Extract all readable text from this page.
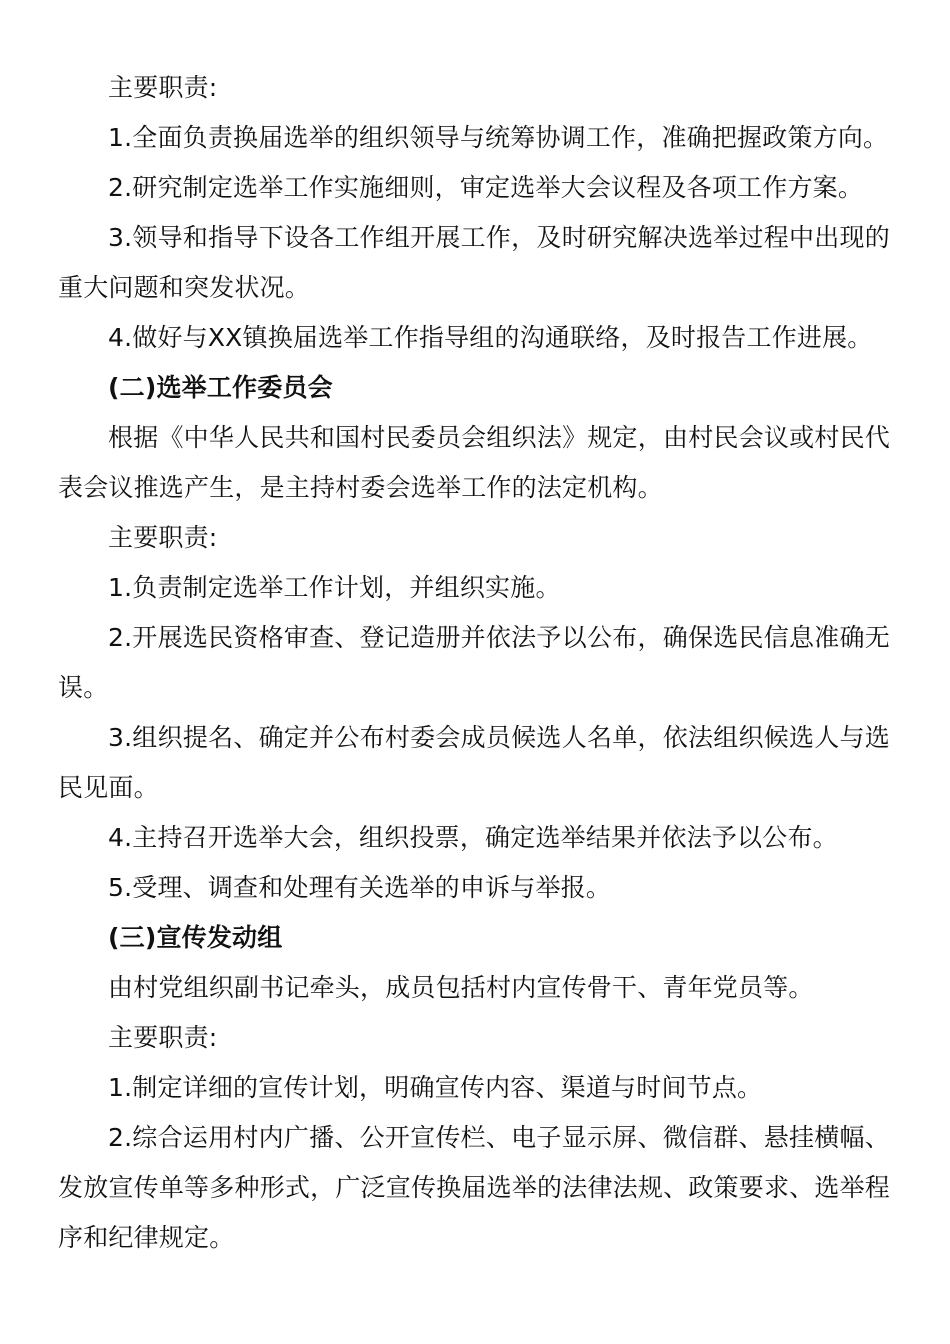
主要职责:

1.全面负责换届选举的组织领导与统筹协调工作，准确把握政策方向。

2.研究制定选举工作实施细则，审定选举大会议程及各项工作方案。

3.领导和指导下设各工作组开展工作，及时研究解决选举过程中出现的重大问题和突发状况。

4.做好与XX镇换届选举工作指导组的沟通联络，及时报告工作进展。

(二)选举工作委员会

根据《中华人民共和国村民委员会组织法》规定，由村民会议或村民代表会议推选产生，是主持村委会选举工作的法定机构。

主要职责:

1.负责制定选举工作计划，并组织实施。

2.开展选民资格审查、登记造册并依法予以公布，确保选民信息准确无误。

3.组织提名、确定并公布村委会成员候选人名单，依法组织候选人与选民见面。

4.主持召开选举大会，组织投票，确定选举结果并依法予以公布。

5.受理、调查和处理有关选举的申诉与举报。

(三)宣传发动组

由村党组织副书记牵头，成员包括村内宣传骨干、青年党员等。

主要职责:

1.制定详细的宣传计划，明确宣传内容、渠道与时间节点。

2.综合运用村内广播、公开宣传栏、电子显示屏、微信群、悬挂横幅、发放宣传单等多种形式，广泛宣传换届选举的法律法规、政策要求、选举程序和纪律规定。
